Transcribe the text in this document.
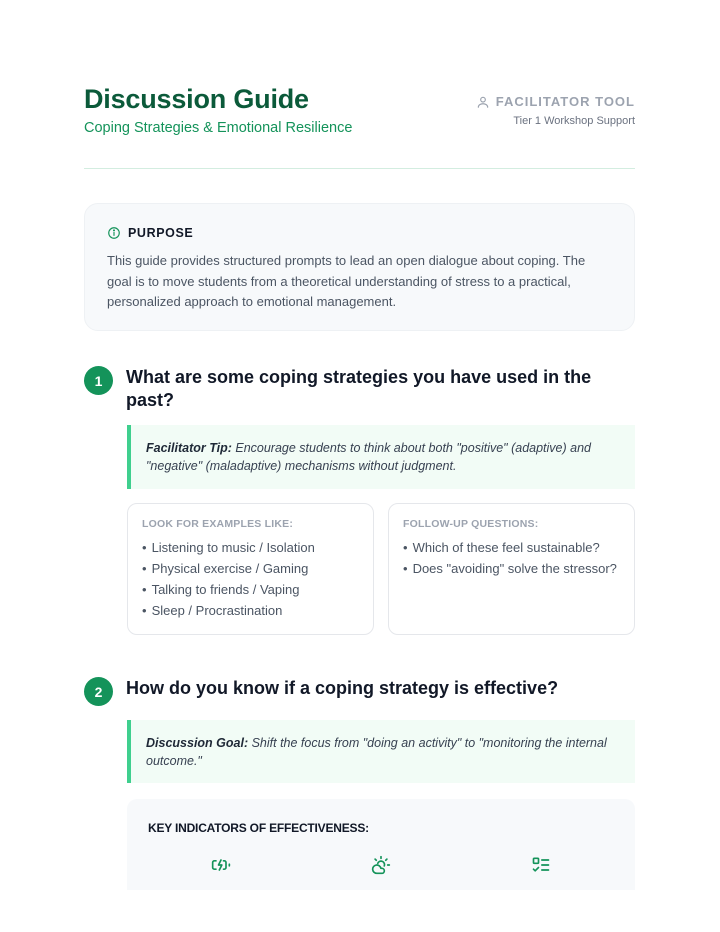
Discussion Guide
Coping Strategies & Emotional Resilience
FACILITATOR TOOL
Tier 1 Workshop Support
PURPOSE
This guide provides structured prompts to lead an open dialogue about coping. The goal is to move students from a theoretical understanding of stress to a practical, personalized approach to emotional management.
1	What are some coping strategies you have used in the past?
Facilitator Tip: Encourage students to think about both "positive" (adaptive) and "negative" (maladaptive) mechanisms without judgment.
LOOK FOR EXAMPLES LIKE:
• Listening to music / Isolation
• Physical exercise / Gaming
• Talking to friends / Vaping
• Sleep / Procrastination
FOLLOW-UP QUESTIONS:
• Which of these feel sustainable?
• Does "avoiding" solve the stressor?
2	How do you know if a coping strategy is effective?
Discussion Goal: Shift the focus from "doing an activity" to "monitoring the internal outcome."
KEY INDICATORS OF EFFECTIVENESS:
